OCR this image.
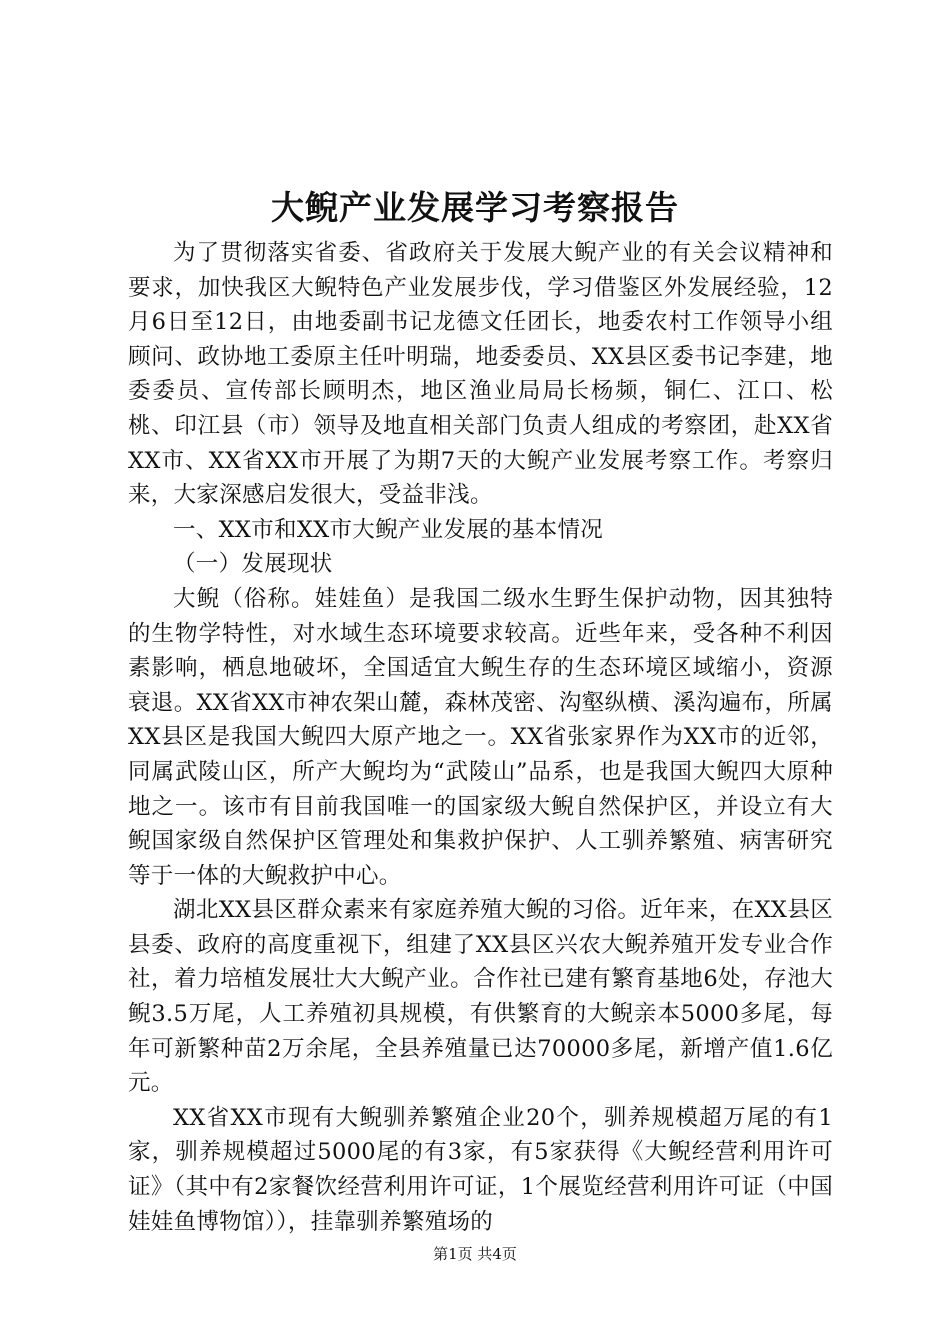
大鲵产业发展学习考察报告

为了贯彻落实省委、省政府关于发展大鲵产业的有关会议精神和要求，加快我区大鲵特色产业发展步伐，学习借鉴区外发展经验，12月6日至12日，由地委副书记龙德文任团长，地委农村工作领导小组顾问、政协地工委原主任叶明瑞，地委委员、XX县区委书记李建，地委委员、宣传部长顾明杰，地区渔业局局长杨频，铜仁、江口、松桃、印江县（市）领导及地直相关部门负责人组成的考察团，赴XX省XX市、XX省XX市开展了为期7天的大鲵产业发展考察工作。考察归来，大家深感启发很大，受益非浅。

一、XX市和XX市大鲵产业发展的基本情况

（一）发展现状

大鲵（俗称。娃娃鱼）是我国二级水生野生保护动物，因其独特的生物学特性，对水域生态环境要求较高。近些年来，受各种不利因素影响，栖息地破坏，全国适宜大鲵生存的生态环境区域缩小，资源衰退。XX省XX市神农架山麓，森林茂密、沟壑纵横、溪沟遍布，所属XX县区是我国大鲵四大原产地之一。XX省张家界作为XX市的近邻，同属武陵山区，所产大鲵均为“武陵山”品系，也是我国大鲵四大原种地之一。该市有目前我国唯一的国家级大鲵自然保护区，并设立有大鲵国家级自然保护区管理处和集救护保护、人工驯养繁殖、病害研究等于一体的大鲵救护中心。

湖北XX县区群众素来有家庭养殖大鲵的习俗。近年来，在XX县区县委、政府的高度重视下，组建了XX县区兴农大鲵养殖开发专业合作社，着力培植发展壮大大鲵产业。合作社已建有繁育基地6处，存池大鲵3.5万尾，人工养殖初具规模，有供繁育的大鲵亲本5000多尾，每年可新繁种苗2万余尾，全县养殖量已达70000多尾，新增产值1.6亿元。

XX省XX市现有大鲵驯养繁殖企业20个，驯养规模超万尾的有1家，驯养规模超过5000尾的有3家，有5家获得《大鲵经营利用许可证》（其中有2家餐饮经营利用许可证，1个展览经营利用许可证（中国娃娃鱼博物馆）），挂靠驯养繁殖场的

第1页 共4页
